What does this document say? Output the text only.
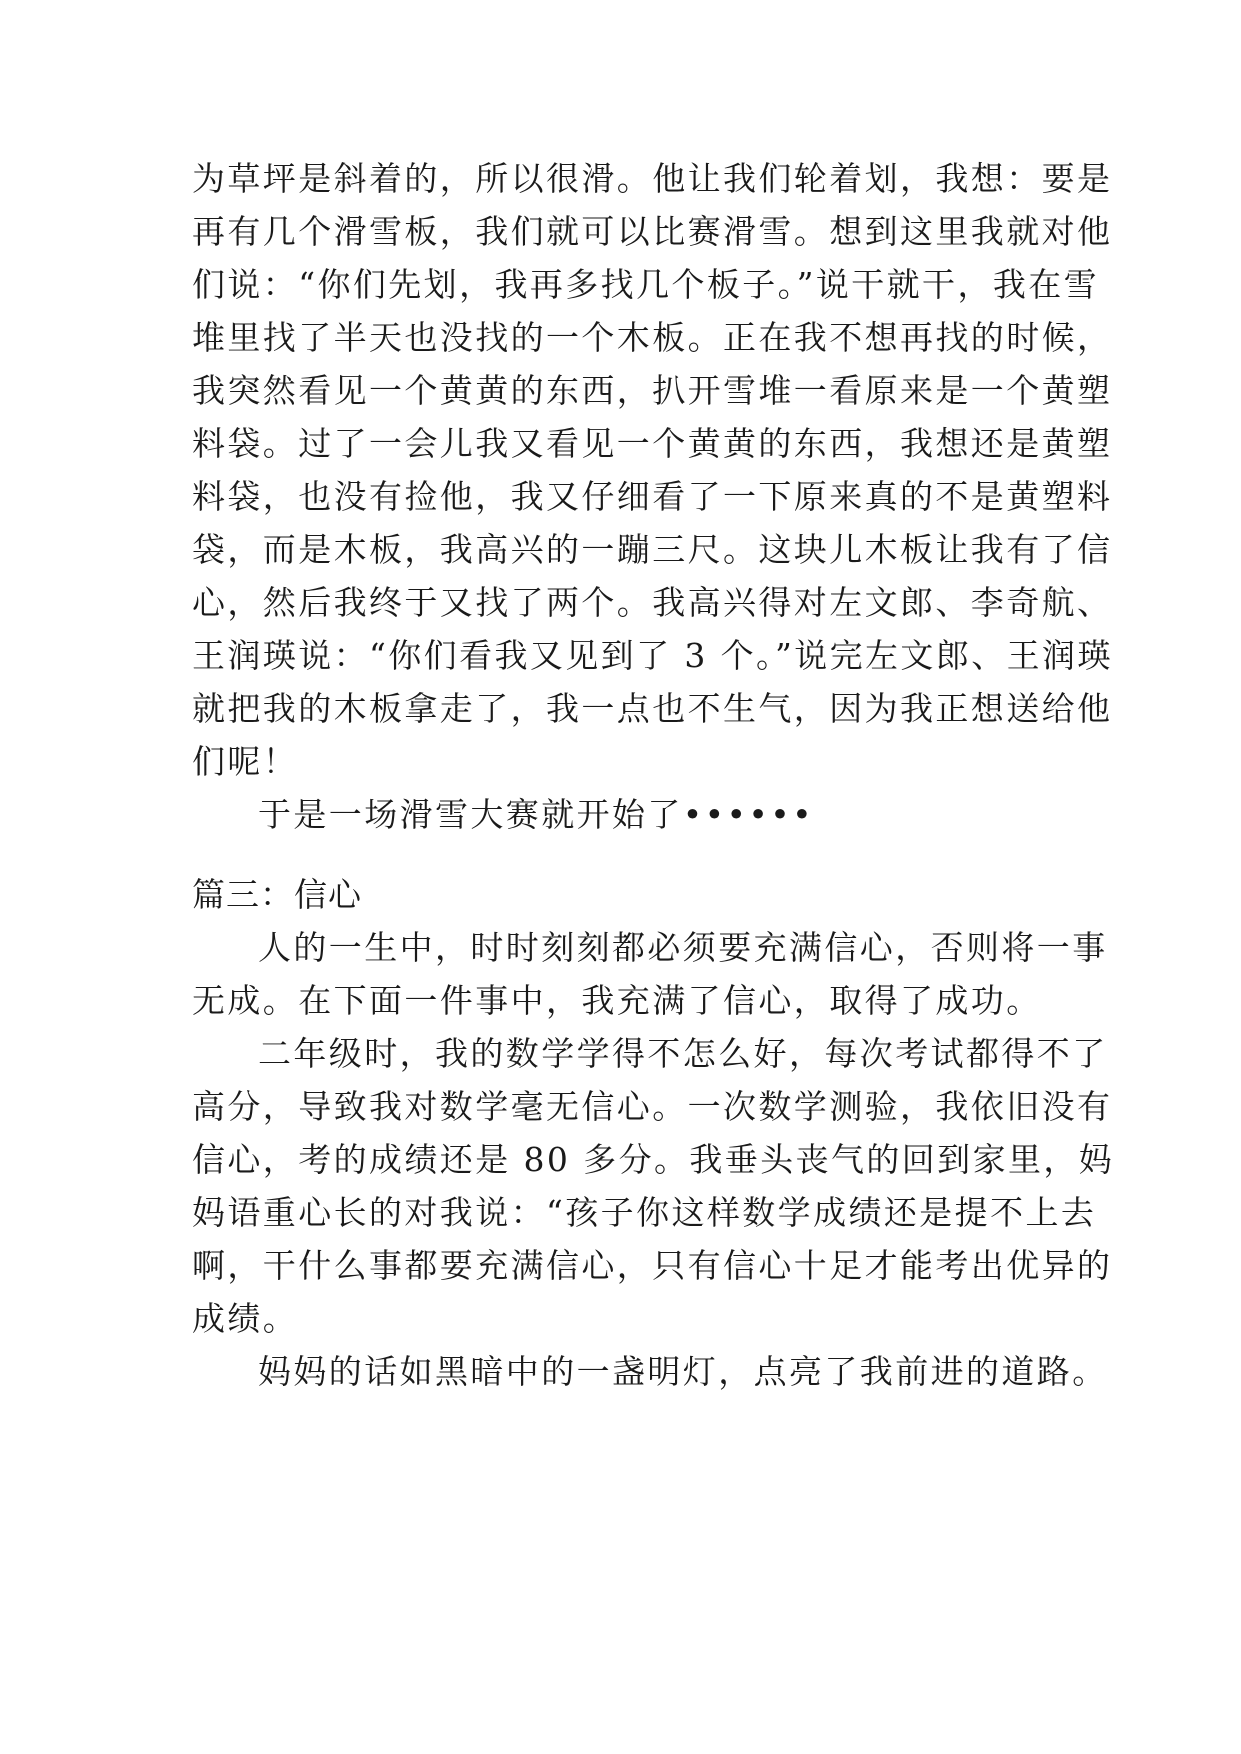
为草坪是斜着的，所以很滑。他让我们轮着划，我想：要是
再有几个滑雪板，我们就可以比赛滑雪。想到这里我就对他
们说：“你们先划，我再多找几个板子。”说干就干，我在雪
堆里找了半天也没找的一个木板。正在我不想再找的时候，
我突然看见一个黄黄的东西，扒开雪堆一看原来是一个黄塑
料袋。过了一会儿我又看见一个黄黄的东西，我想还是黄塑
料袋，也没有捡他，我又仔细看了一下原来真的不是黄塑料
袋，而是木板，我高兴的一蹦三尺。这块儿木板让我有了信
心，然后我终于又找了两个。我高兴得对左文郎、李奇航、
王润瑛说：“你们看我又见到了 3 个。”说完左文郎、王润瑛
就把我的木板拿走了，我一点也不生气，因为我正想送给他
们呢！
于是一场滑雪大赛就开始了••••••
篇三：信心
人的一生中，时时刻刻都必须要充满信心，否则将一事
无成。在下面一件事中，我充满了信心，取得了成功。
二年级时，我的数学学得不怎么好，每次考试都得不了
高分，导致我对数学毫无信心。一次数学测验，我依旧没有
信心，考的成绩还是 80 多分。我垂头丧气的回到家里，妈
妈语重心长的对我说：“孩子你这样数学成绩还是提不上去
啊，干什么事都要充满信心，只有信心十足才能考出优异的
成绩。
妈妈的话如黑暗中的一盏明灯，点亮了我前进的道路。
